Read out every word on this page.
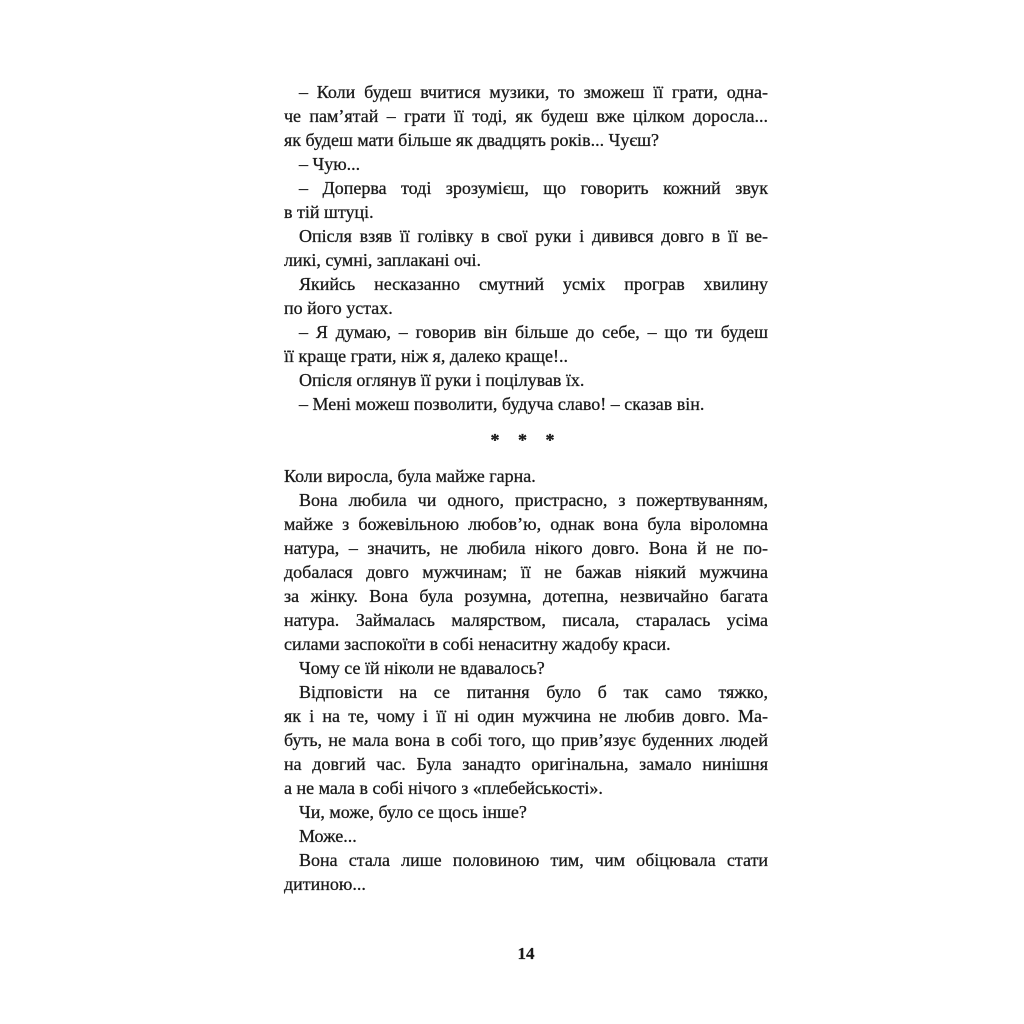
– Коли будеш вчитися музики, то зможеш її грати, одна-
че пам’ятай – грати її тоді, як будеш вже цілком доросла...
як будеш мати більше як двадцять років... Чуєш?
– Чую...
– Доперва тоді зрозумієш, що говорить кожний звук
в тій штуці.
Опісля взяв її голівку в свої руки і дивився довго в її ве-
ликі, сумні, заплакані очі.
Якийсь несказанно смутний усміх програв хвилину
по його устах.
– Я думаю, – говорив він більше до себе, – що ти будеш
її краще грати, ніж я, далеко краще!..
Опісля оглянув її руки і поцілував їх.
– Мені можеш позволити, будуча славо! – сказав він.
* * *
Коли виросла, була майже гарна.
Вона любила чи одного, пристрасно, з пожертвуванням,
майже з божевільною любов’ю, однак вона була віроломна
натура, – значить, не любила нікого довго. Вона й не по-
добалася довго мужчинам; її не бажав ніякий мужчина
за жінку. Вона була розумна, дотепна, незвичайно багата
натура. Займалась малярством, писала, старалась усіма
силами заспокоїти в собі ненаситну жадобу краси.
Чому се їй ніколи не вдавалось?
Відповісти на се питання було б так само тяжко,
як і на те, чому і її ні один мужчина не любив довго. Ма-
буть, не мала вона в собі того, що прив’язує буденних людей
на довгий час. Була занадто оригінальна, замало нинішня
а не мала в собі нічого з «плебейськості».
Чи, може, було се щось інше?
Може...
Вона стала лише половиною тим, чим обіцювала стати
дитиною...
14
